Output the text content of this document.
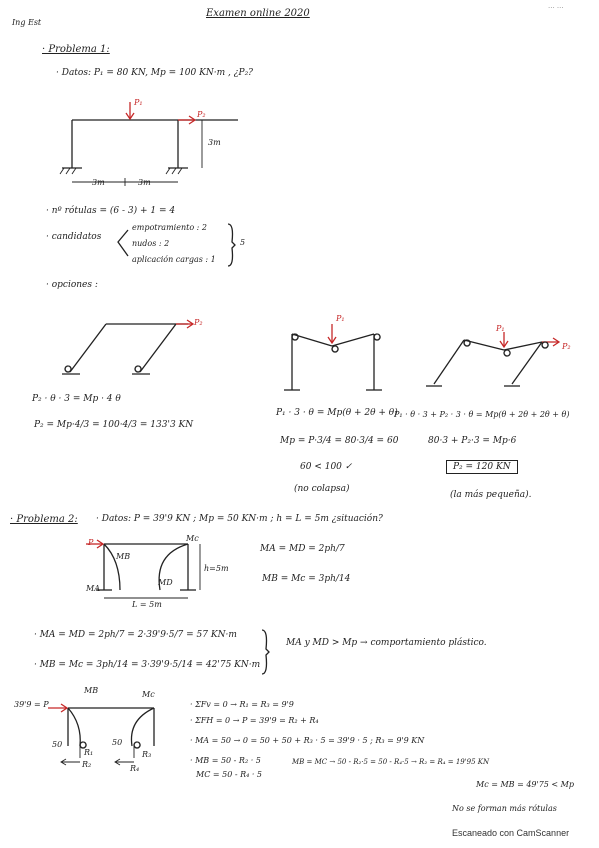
Ing Est
Examen online 2020
... ...
· Problema 1:
· Datos: P₁ = 80 KN, Mp = 100 KN·m , ¿P₂?
P₁
P₂
3m
3m	3m
· nº rótulas = (6 - 3) + 1 = 4
· candidatos
empotramiento : 2
nudos : 2
aplicación cargas : 1
5
· opciones :
P₂
P₂ · θ · 3 = Mp · 4 θ
P₂ = Mp·4/3 = 100·4/3 = 133'3 KN
P₁
P₁ · 3 · θ = Mp(θ + 2θ + θ)
Mp = P·3/4 = 80·3/4 = 60
60 < 100 ✓
(no colapsa)
P₁
P₂
P₁ · θ · 3 + P₂ · 3 · θ = Mp(θ + 2θ + 2θ + θ)
80·3 + P₂·3 = Mp·6
P₂ = 120 KN
(la más pequeña).
· Problema 2: · Datos: P = 39'9 KN ; Mp = 50 KN·m ; h = L = 5m ¿situación?
P
MB
Mc
MA
MD
h=5m
L = 5m
MA = MD = 2ph/7
MB = Mc = 3ph/14
· MA = MD = 2ph/7 = 2·39'9·5/7 = 57 KN·m
· MB = Mc = 3ph/14 = 3·39'9·5/14 = 42'75 KN·m
MA y MD > Mp → comportamiento plástico.
39'9 = P
MB	Mc
50	50
R₁
R₂
R₃
R₄
· ΣFv = 0 → R₁ = R₃ = 9'9
· ΣFH = 0 → P = 39'9 = R₂ + R₄
· MA = 50 → 0 = 50 + 50 + R₃ · 5 = 39'9 · 5 ; R₃ = 9'9 KN
· MB = 50 - R₂ · 5
MC = 50 - R₄ · 5
MB = MC → 50 - R₂·5 = 50 - R₄·5 → R₂ = R₄ = 19'95 KN
Mc = MB = 49'75 < Mp
No se forman más rótulas
Escaneado con CamScanner
